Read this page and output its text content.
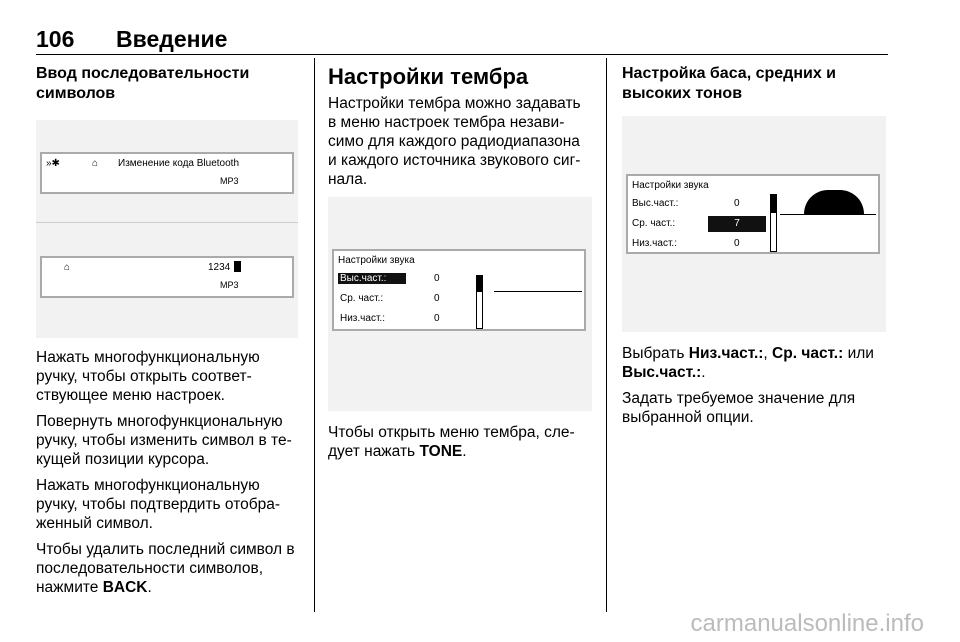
106 Введение
Ввод последовательности символов
»✱	⌂ Изменение кода Bluetooth
MP3
⌂	1234
MP3

Нажать многофункциональную ручку, чтобы открыть соответствующее меню настроек.

Повернуть многофункциональную ручку, чтобы изменить символ в текущей позиции курсора.

Нажать многофункциональную ручку, чтобы подтвердить отображенный символ.

Чтобы удалить последний символ в последовательности символов, нажмите BACK.

Настройки тембра

Настройки тембра можно задавать в меню настроек тембра независимо для каждого радиодиапазона и каждого источника звукового сигнала.

Настройки звука
Выс.част.:	0
Ср. част.:	0
Низ.част.:	0

Чтобы открыть меню тембра, следует нажать TONE.

Настройка баса, средних и высоких тонов
Настройки звука
Выс.част.:	0
Ср. част.:	7
Низ.част.:	0

Выбрать Низ.част.:, Ср. част.: или Выс.част.:.

Задать требуемое значение для выбранной опции.

carmanualsonline.info
